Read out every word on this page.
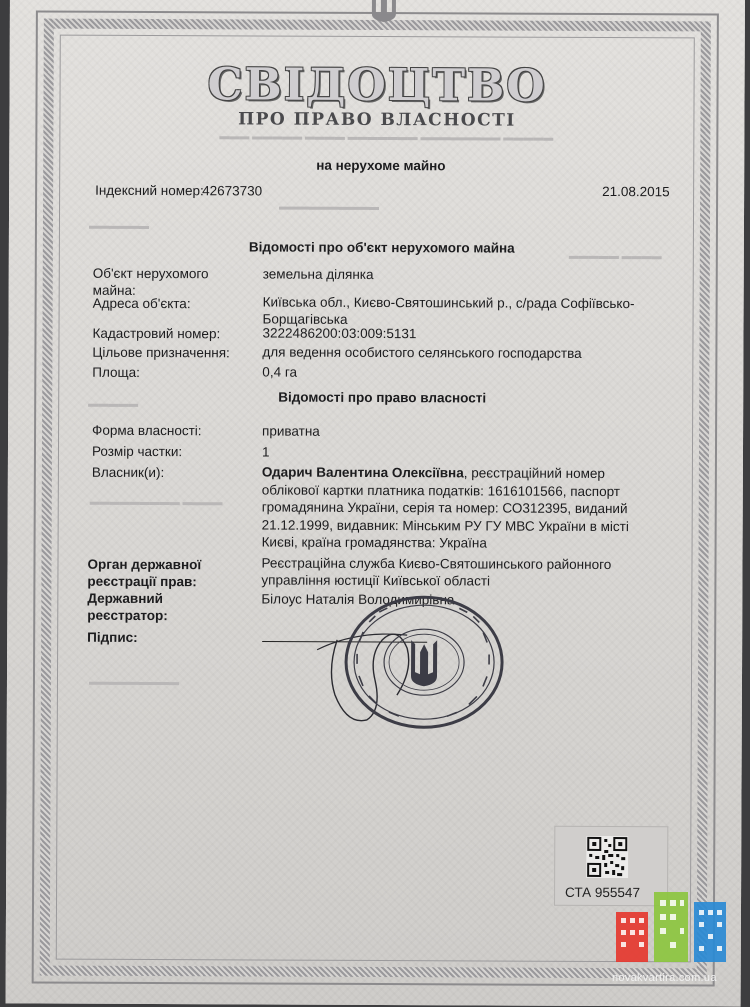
СВІДОЦТВО
ПРО ПРАВО ВЛАСНОСТІ
▬▬▬ ▬▬▬▬▬ ▬▬▬▬ ▬▬▬▬▬▬▬ ▬▬▬▬▬▬▬▬ ▬▬▬▬▬
▬▬▬▬▬▬▬▬▬▬
▬▬▬▬▬▬
▬▬▬▬▬ ▬▬▬▬
▬▬▬▬▬
▬▬▬▬▬▬▬▬▬ ▬▬▬▬
▬▬▬▬▬▬▬▬▬
на нерухоме майно
Індексний номер:
42673730	21.08.2015
Відомості про об'єкт нерухомого майна
Об'єкт нерухомого майна:
земельна ділянка
Адреса об'єкта:	Київська обл., Києво-Святошинський р., с/рада Софіївсько-Борщагівська
Кадастровий номер:	3222486200:03:009:5131
Цільове призначення: для ведення особистого селянського господарства
Площа:	0,4 га
Відомості про право власності
Форма власності:	приватна
Розмір частки:	1
Власник(и):	Одарич Валентина Олексіївна, реєстраційний номер облікової картки платника податків: 1616101566, паспорт громадянина України, серія та номер: СО312395, виданий 21.12.1999, видавник: Мінським РУ ГУ МВС України в місті Києві, країна громадянства: Україна
Орган державної реєстрації прав:
Реєстраційна служба Києво-Святошинського районного управління юстиції Київської області
Державний реєстратор:
Білоус Наталія Володимирівна
Підпис:
СТА 955547
novakvartira.com.ua
